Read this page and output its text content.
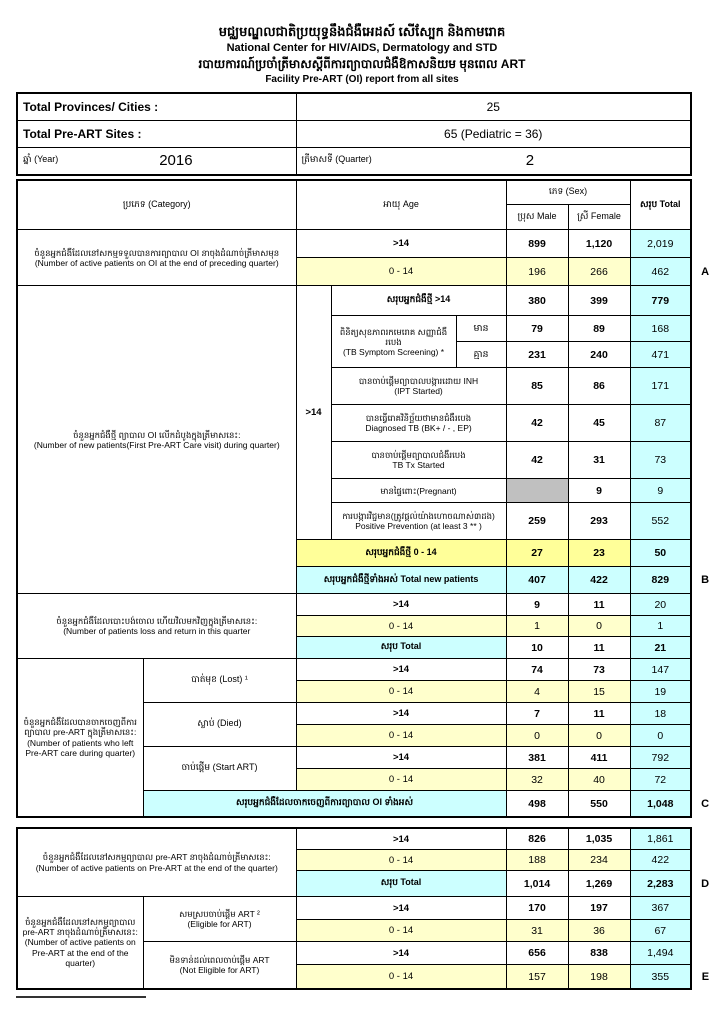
មជ្ឈមណ្ឌលជាតិប្រយុទ្ធនឹងជំងឺអេដស៍ សើស្បែក និងកាមរោគ
National Center for HIV/AIDS, Dermatology and STD
របាយការណ៍ប្រចាំត្រីមាសស្ដីពីការព្យាបាលជំងឺឱកាសនិយម មុនពេល ART
Facility Pre-ART (OI) report from all sites
Total Provinces/ Cities :	25
Total Pre-ART Sites :	65 (Pediatric = 36)

ឆ្នាំ (Year) 2016	ត្រីមាសទី (Quarter) 2
ប្រភេទ (Category)		អាយុ Age			ភេទ (Sex)		សរុប Total
					ប្រុស Male	ស្រី Female	

ចំនួនអ្នកជំងឺដែលនៅសកម្មទទួលបានការព្យាបាល OI នាចុងដំណាច់ត្រីមាសមុន
(Number of active patients on OI at the end of preceding quarter)		>14			899	1,120	2,019
		0 - 14			196	266	462 A

ចំនួនអ្នកជំងឺថ្មី ព្យាបាល OI លើកដំបូងក្នុងត្រីមាសនេះ:
(Number of new patients(First Pre-ART Care visit) during quarter)		>14	សរុបអ្នកជំងឺថ្មី >14		380	399	779

			ពិនិត្យសុខភាពរកមេរោគ សញ្ញាជំងឺរបេង
(TB Symptom Screening) *	មាន	79	89	168
				គ្មាន	231	240	471

			បានចាប់ផ្ដើមព្យាបាលបង្ការដោយ INH
(IPT Started)		85	86	171

			បានធ្វើរោគវិនិច្ឆ័យថាមានជំងឺរបេង
Diagnosed TB (BK+ / - , EP)		42	45	87

			បានចាប់ផ្ដើមព្យាបាលជំងឺរបេង
TB Tx Started		42	31	73

			មានផ្ទៃពោះ(Pregnant)			9	9

			ការបង្ការវិជ្ជមាន(ត្រូវផ្ដល់យ៉ាងហោចណាស់៣ដង)
Positive Prevention (at least 3 ** )		259	293	552
		សរុបអ្នកជំងឺថ្មី 0 - 14			27	23	50
		សរុបអ្នកជំងឺថ្មីទាំងអស់ Total new patients			407	422	829 B

ចំនួនអ្នកជំងឺដែលបោះបង់ចោល ហើយវិលមកវិញក្នុងត្រីមាសនេះ:
(Number of patients loss and return in this quarter		>14			9	11	20
		0 - 14			1	0	1
		សរុប Total			10	11	21

ចំនួនអ្នកជំងឺដែលបានចាកចេញពីការ ព្យាបាល pre-ART ក្នុងត្រីមាសនេះ:
(Number of patients who left Pre-ART care during quarter)	បាត់មុខ (Lost) ¹	>14			74	73	147
		0 - 14			4	15	19
	ស្លាប់ (Died)	>14			7	11	18
		0 - 14			0	0	0
	ចាប់ផ្ដើម (Start ART)	>14			381	411	792
		0 - 14			32	40	72
	សរុបអ្នកជំងឺដែលចាកចេញពីការព្យាបាល OI ទាំងអស់				498	550	1,048 C
ចំនួនអ្នកជំងឺដែលនៅសកម្មព្យាបាល pre-ART នាចុងដំណាច់ត្រីមាសនេះ:
(Number of active patients on Pre-ART at the end of the quarter)		>14	826	1,035	1,861
		0 - 14	188	234	422
		សរុប Total	1,014	1,269	2,283 D

ចំនួនអ្នកជំងឺដែលនៅសកម្មព្យាបាល pre-ART នាចុងដំណាច់ត្រីមាសនេះ:
(Number of active patients on Pre-ART at the end of the quarter)	សមស្របចាប់ផ្ដើម ART ²
(Eligible for ART)	>14	170	197	367
		0 - 14	31	36	67

	មិនទាន់ដល់ពេលចាប់ផ្ដើម ART
(Not Eligible for ART)	>14	656	838	1,494
		0 - 14	157	198	355 E
